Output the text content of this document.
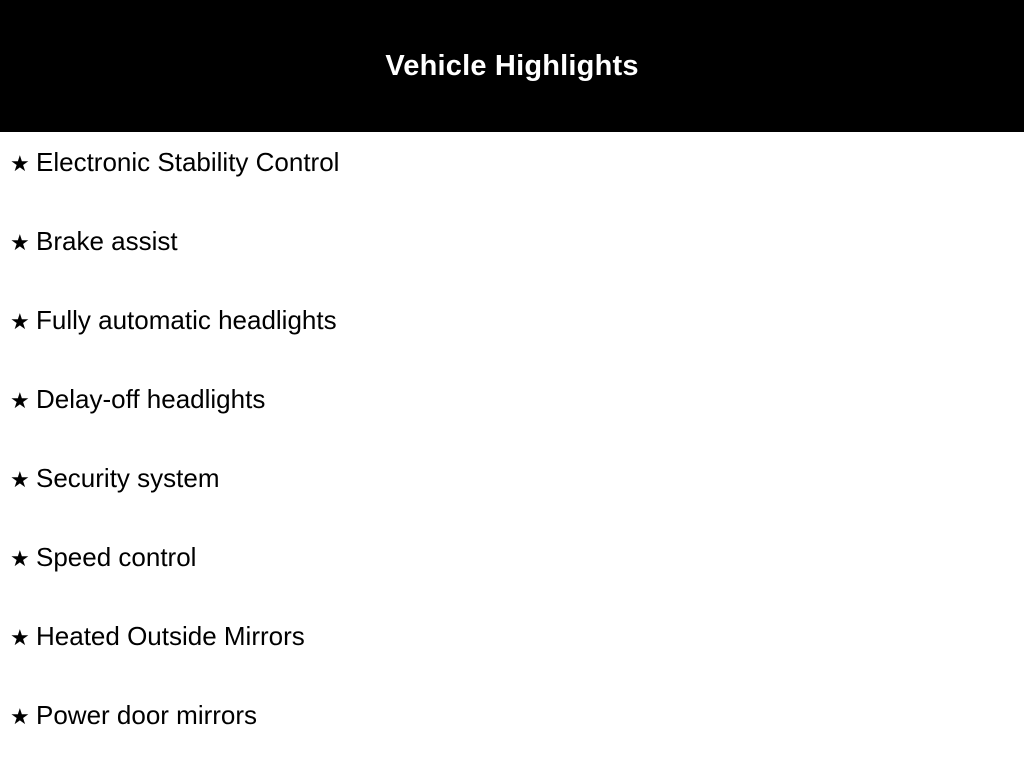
Vehicle Highlights
★ Electronic Stability Control
★ Brake assist
★ Fully automatic headlights
★ Delay-off headlights
★ Security system
★ Speed control
★ Heated Outside Mirrors
★ Power door mirrors
